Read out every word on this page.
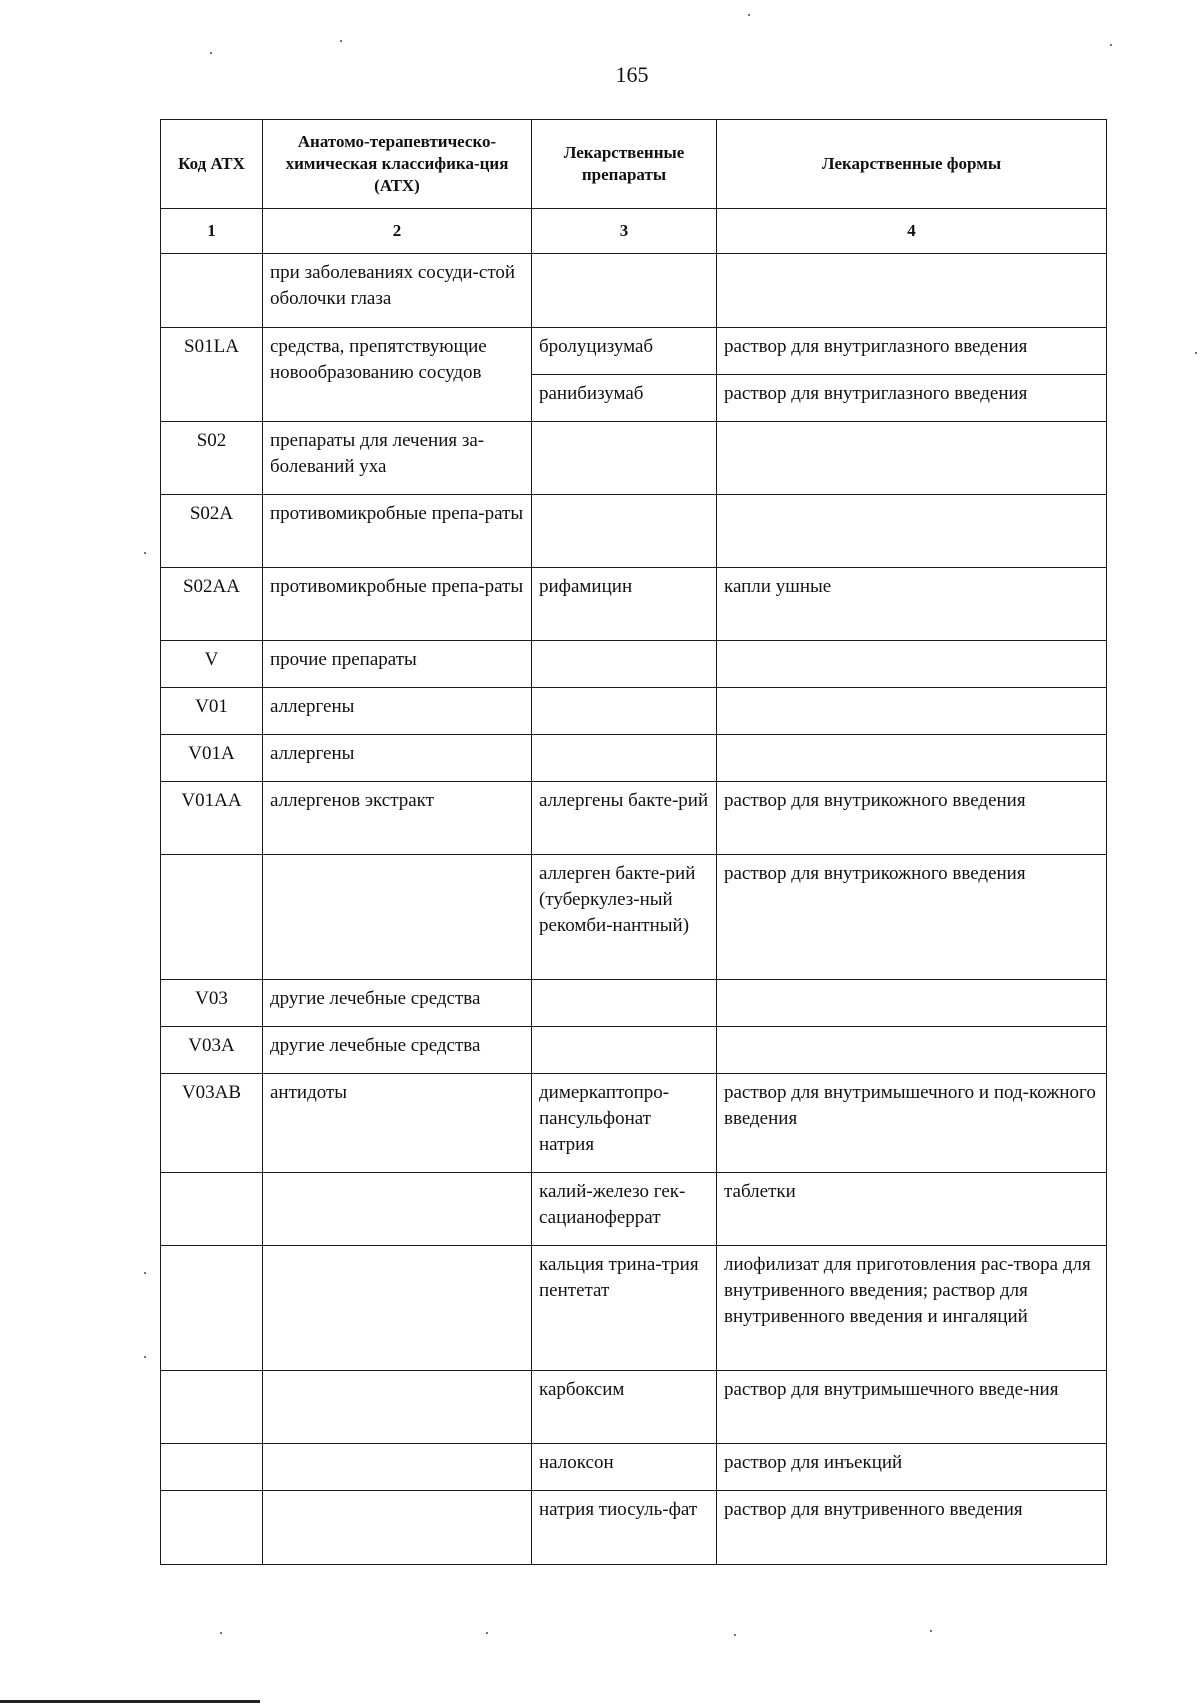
165
Код АТХ	Анатомо-терапевтическо-химическая классифика-ция (АТХ)	Лекарственные препараты	Лекарственные формы
1	2	3	4
	при заболеваниях сосуди-стой оболочки глаза		
S01LA	средства, препятствующие новообразованию сосудов	бролуцизумаб	раствор для внутриглазного введения
		ранибизумаб	раствор для внутриглазного введения
S02	препараты для лечения за-болеваний уха		
S02A	противомикробные препа-раты		
S02AA	противомикробные препа-раты	рифамицин	капли ушные
V	прочие препараты		
V01	аллергены		
V01A	аллергены		
V01AA	аллергенов экстракт	аллергены бакте-рий	раствор для внутрикожного введения
		аллерген бакте-рий (туберкулез-ный рекомби-нантный)	раствор для внутрикожного введения
V03	другие лечебные средства		
V03A	другие лечебные средства		
V03AB	антидоты	димеркаптопро-пансульфонат натрия	раствор для внутримышечного и под-кожного введения
		калий-железо гек-сацианоферрат	таблетки
		кальция трина-трия пентетат	лиофилизат для приготовления рас-твора для внутривенного введения; раствор для внутривенного введения и ингаляций
		карбоксим	раствор для внутримышечного введе-ния
		налоксон	раствор для инъекций
		натрия тиосуль-фат	раствор для внутривенного введения
